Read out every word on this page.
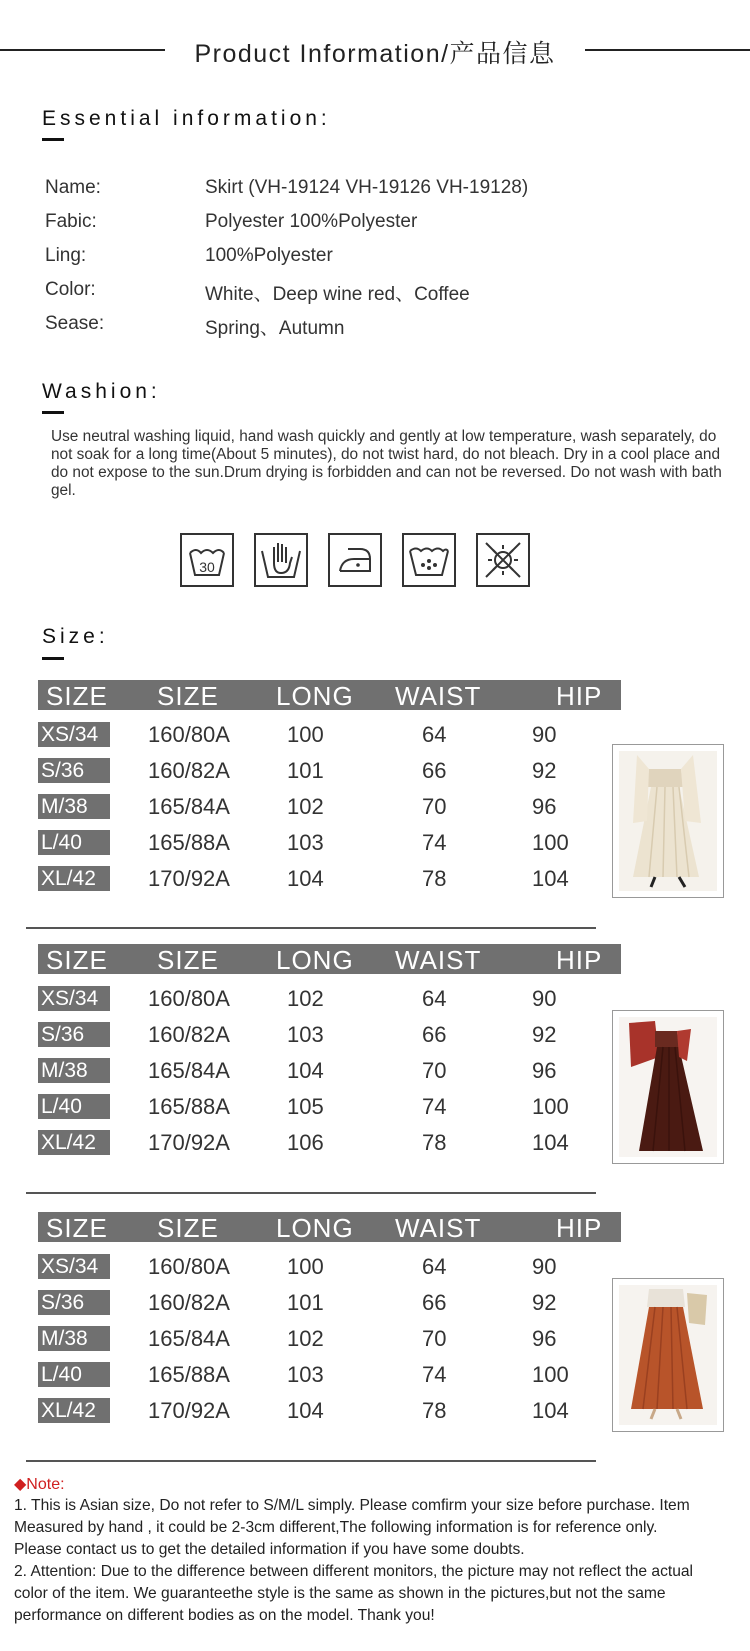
Product Information/产品信息
Essential information:
Name:	Skirt (VH-19124 VH-19126 VH-19128)
Fabic:	Polyester 100%Polyester
Ling:	100%Polyester
Color:	White、Deep wine red、Coffee
Sease:	Spring、Autumn
Washion:
Use neutral washing liquid, hand wash quickly and gently at low temperature, wash separately, do not soak for a long time(About 5 minutes), do not twist hard, do not bleach. Dry in a cool place and do not expose to the sun.Drum drying is forbidden and can not be reversed. Do not wash with bath gel.
30
Size:
SIZE SIZE LONG WAIST	HIP
XS/34	160/80A	100	64	90
S/36	160/82A	101	66	92
M/38	165/84A	102	70	96
L/40	165/88A	103	74	100
XL/42	170/92A	104	78	104
SIZE SIZE LONG WAIST	HIP
XS/34	160/80A	102	64	90
S/36	160/82A	103	66	92
M/38	165/84A	104	70	96
L/40	165/88A	105	74	100
XL/42	170/92A	106	78	104
SIZE SIZE LONG WAIST	HIP
XS/34	160/80A	100	64	90
S/36	160/82A	101	66	92
M/38	165/84A	102	70	96
L/40	165/88A	103	74	100
XL/42	170/92A	104	78	104
◆Note:
1. This is Asian size, Do not refer to S/M/L simply. Please comfirm your size before purchase. Item
Measured by hand , it could be 2-3cm different,The following information is for reference only.
Please contact us to get the detailed information if you have some doubts.
2. Attention: Due to the difference between different monitors, the picture may not reflect the actual
color of the item. We guaranteethe style is the same as shown in the pictures,but not the same
performance on different bodies as on the model. Thank you!
